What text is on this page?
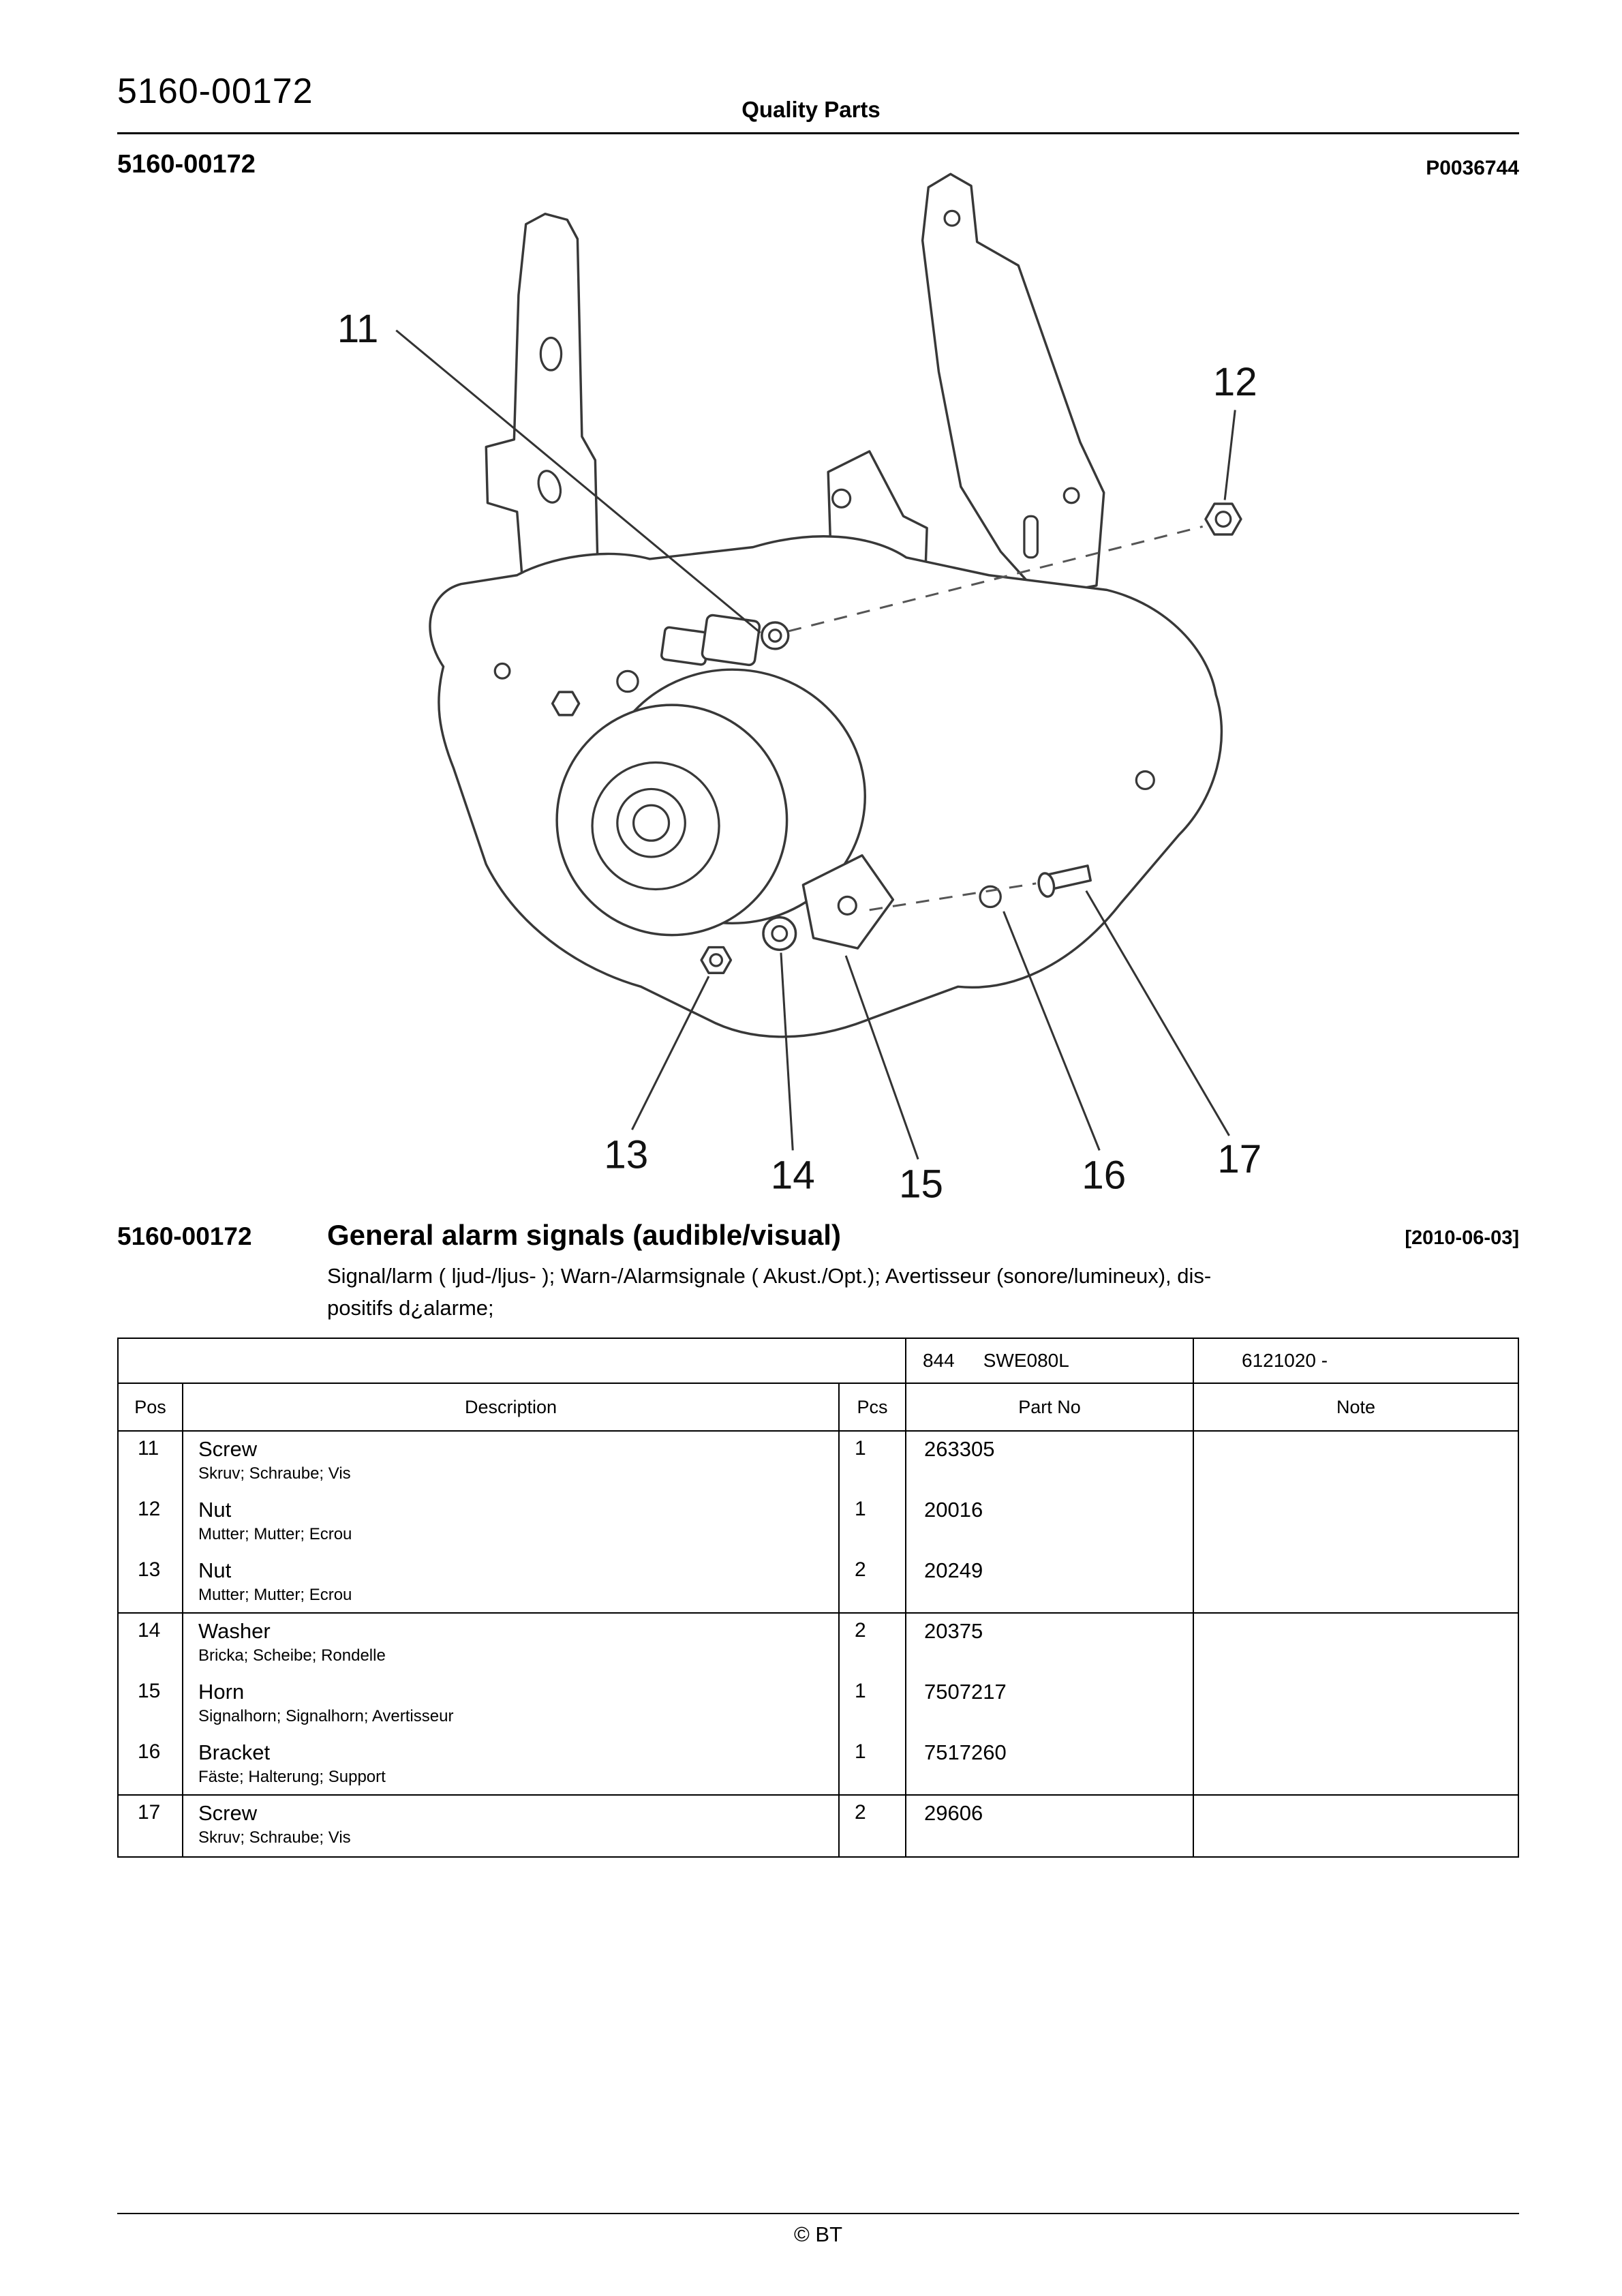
5160-00172	Quality Parts
5160-00172	P0036744
11
12
13	14	15	16	17
5160-00172	General alarm signals (audible/visual)	[2010-06-03]
Signal/larm ( ljud-/ljus- ); Warn-/Alarmsignale ( Akust./Opt.); Avertisseur (sonore/lumineux), dis-
positifs d¿alarme;
844 SWE080L	6121020 -
Pos	Description	Pcs	Part No	Note
11	Screw
Skruv; Schraube; Vis
1	263305
12	Nut
Mutter; Mutter; Ecrou
1	20016
13	Nut
Mutter; Mutter; Ecrou
2	20249
14	Washer
Bricka; Scheibe; Rondelle
2	20375
15	Horn
Signalhorn; Signalhorn; Avertisseur
1	7507217
16	Bracket
Fäste; Halterung; Support
1	7517260
17	Screw
Skruv; Schraube; Vis
2	29606
© BT
